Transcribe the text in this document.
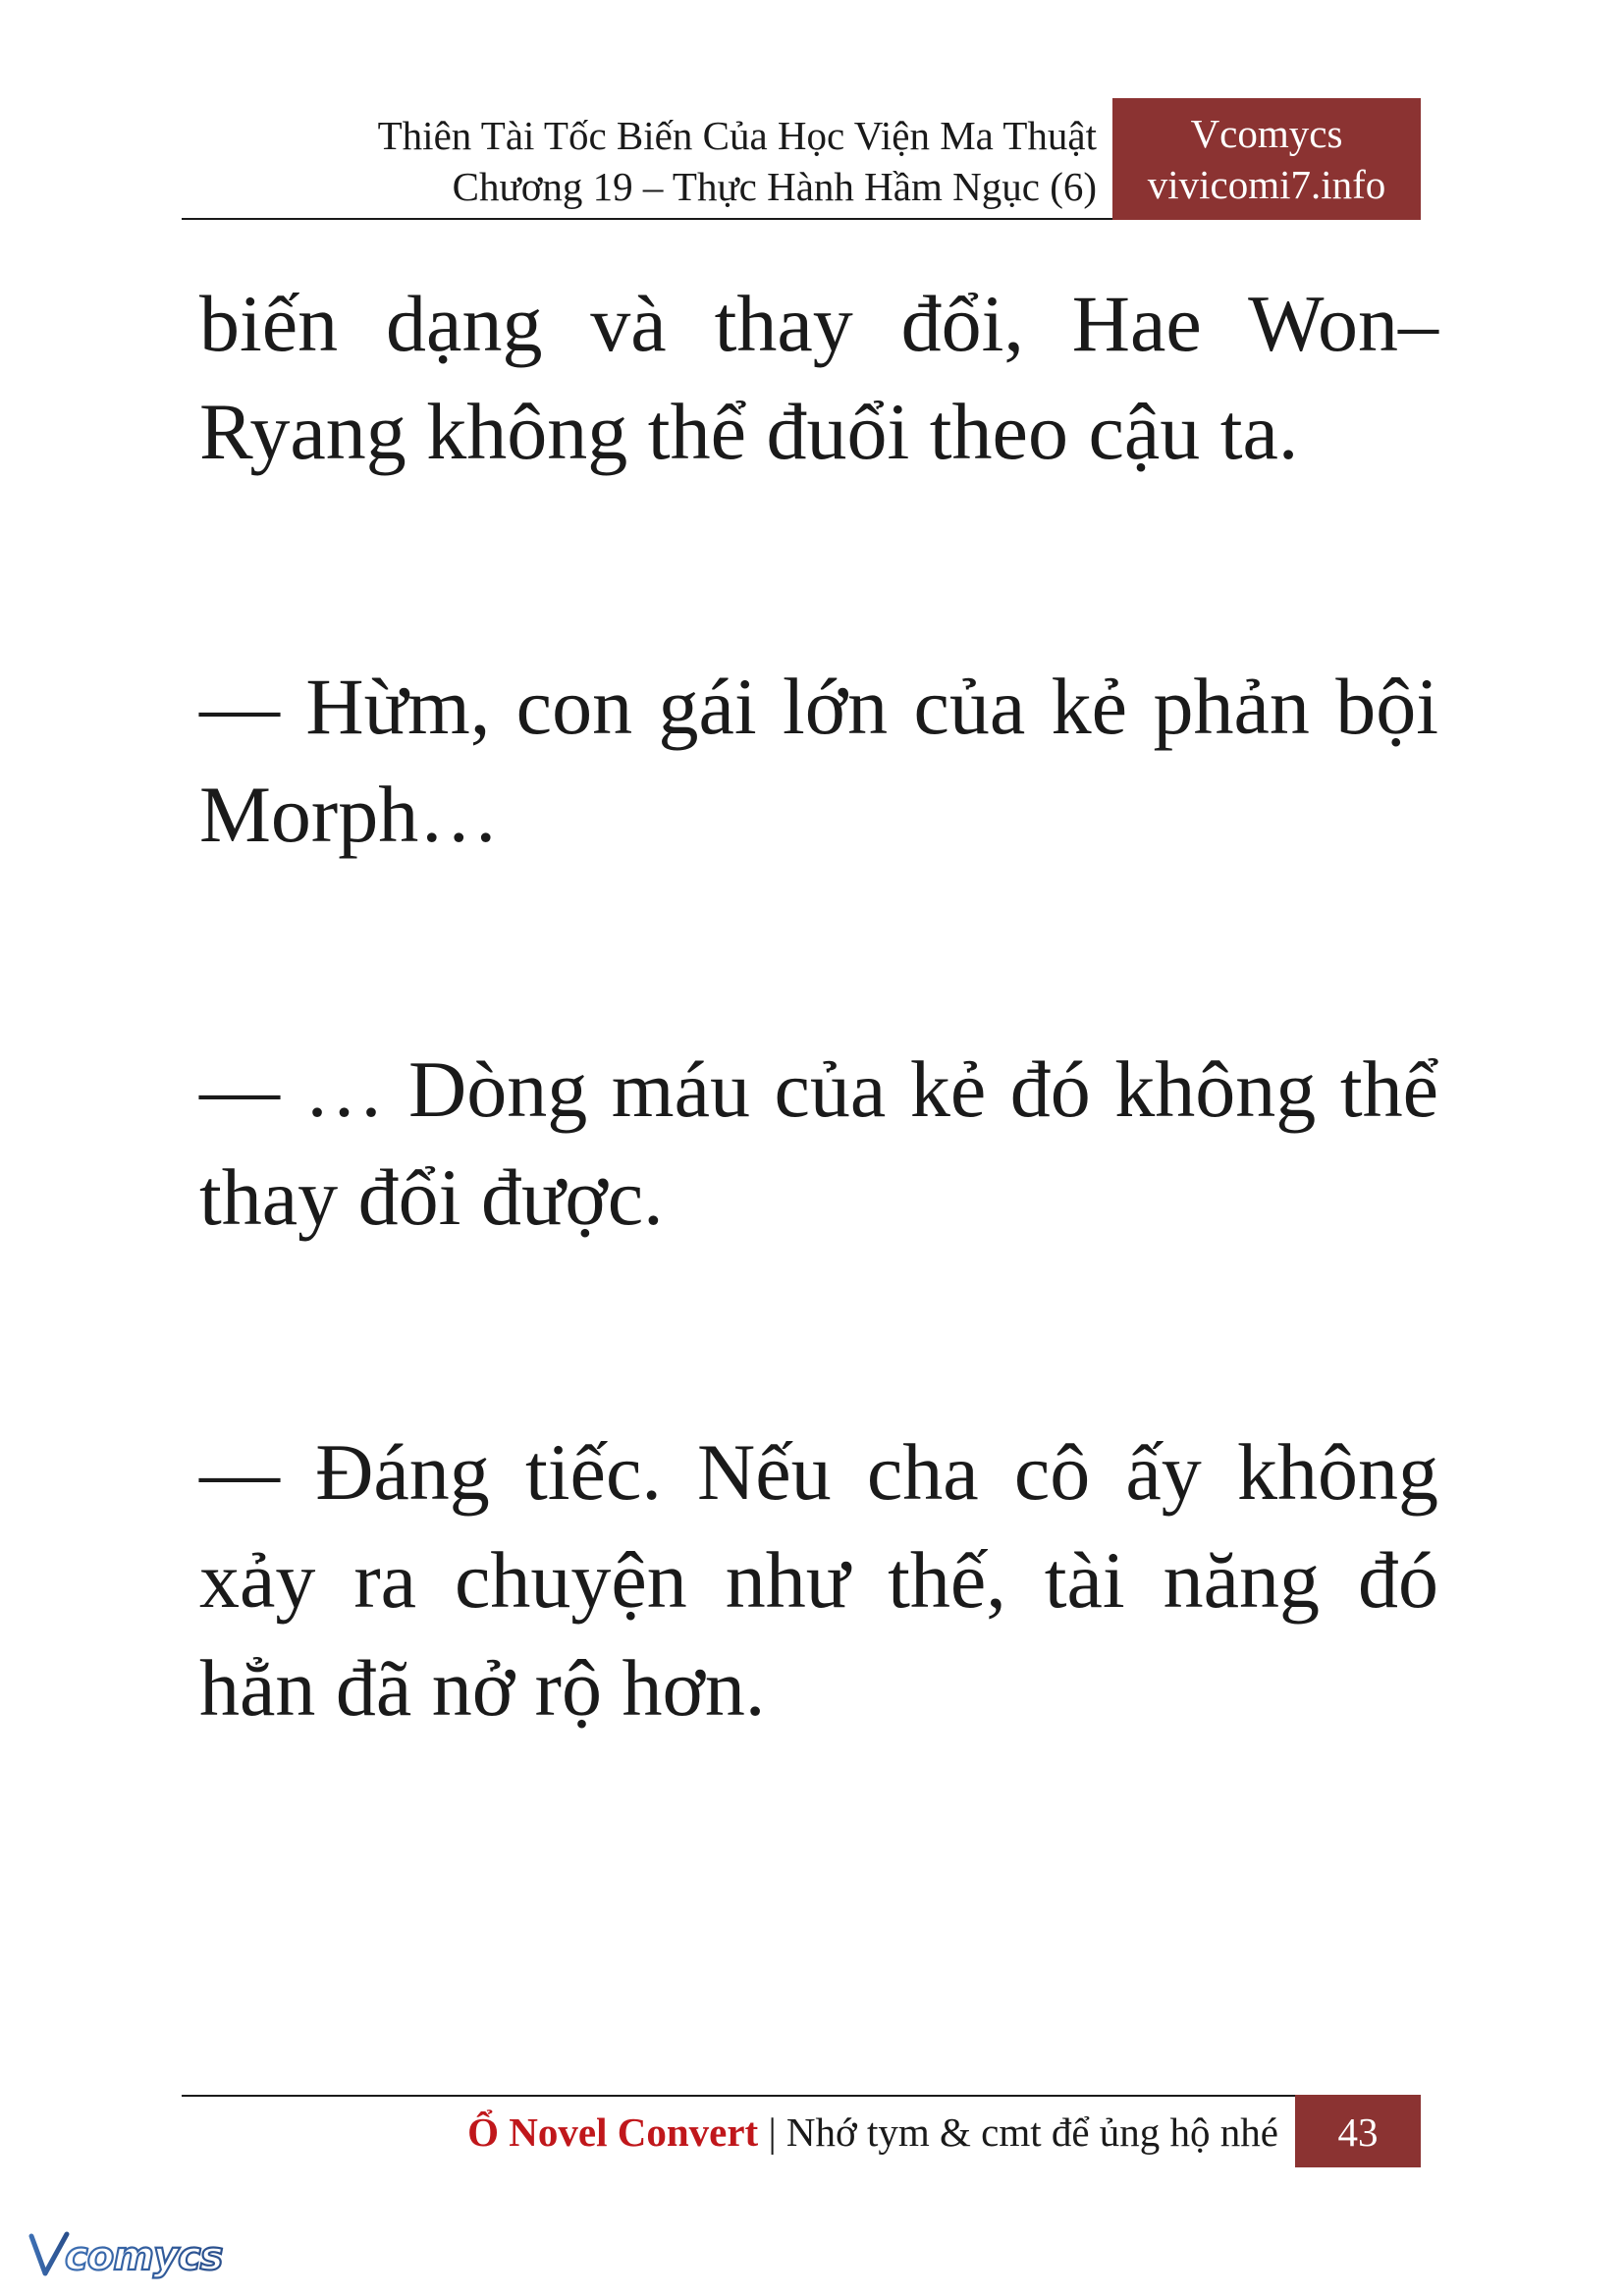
Thiên Tài Tốc Biến Của Học Viện Ma Thuật
Chương 19 – Thực Hành Hầm Ngục (6)
Vcomycs
vivicomi7.info

biến dạng và thay đổi, Hae Won–Ryang không thể đuổi theo cậu ta.

— Hừm, con gái lớn của kẻ phản bội Morph…

— … Dòng máu của kẻ đó không thể thay đổi được.

— Đáng tiếc. Nếu cha cô ấy không xảy ra chuyện như thế, tài năng đó hẳn đã nở rộ hơn.

Ổ Novel Convert | Nhớ tym & cmt để ủng hộ nhé	43
comycs
